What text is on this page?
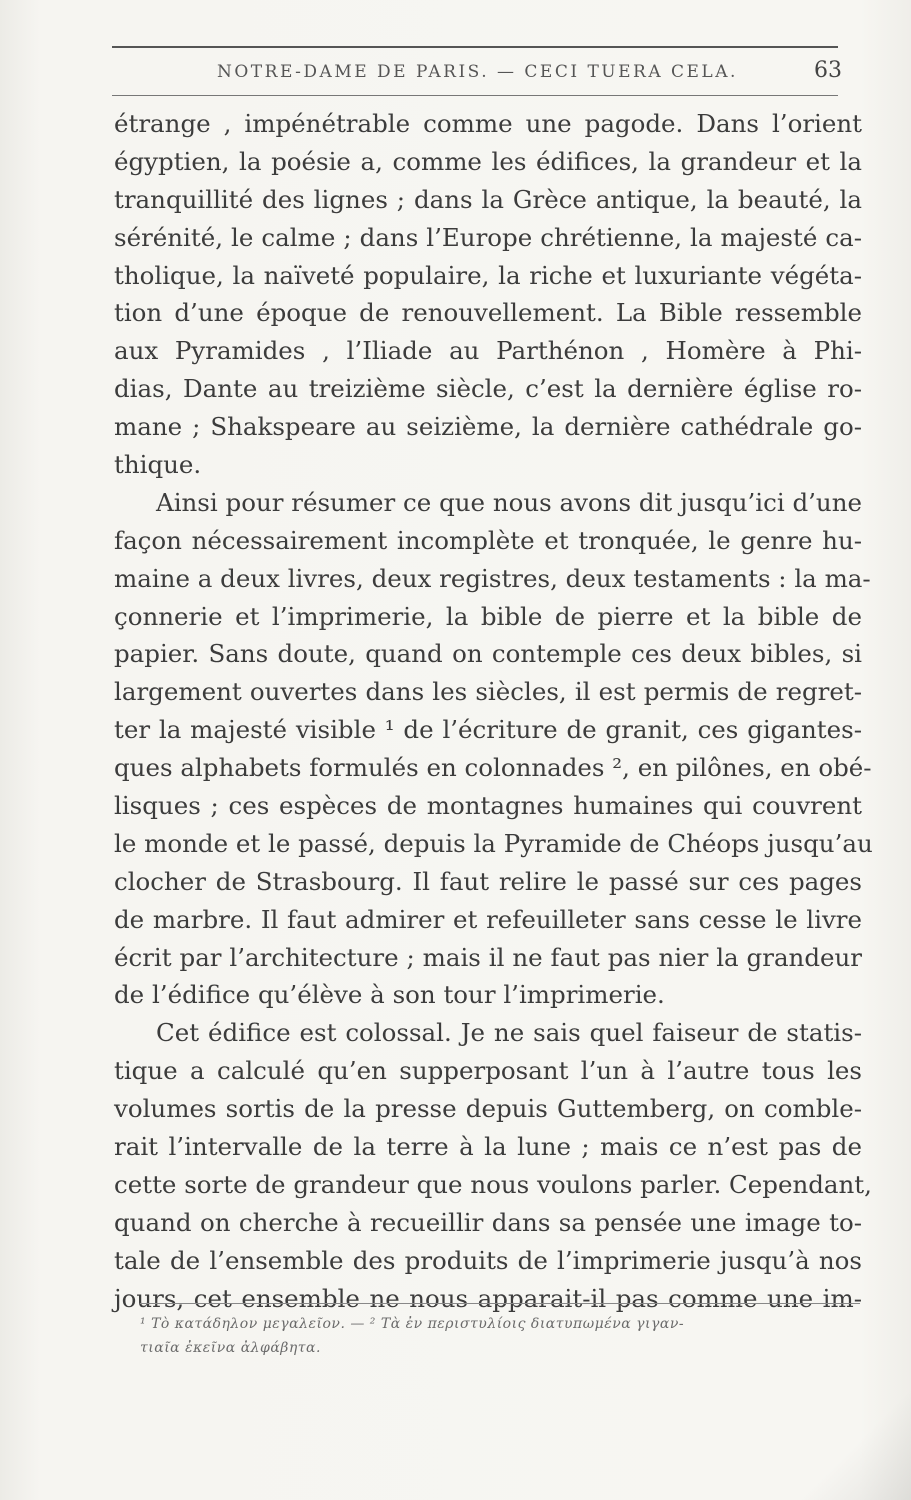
NOTRE-DAME DE PARIS. — CECI TUERA CELA.	63
étrange , impénétrable comme une pagode. Dans l’orient
égyptien, la poésie a, comme les édifices, la grandeur et la
tranquillité des lignes ; dans la Grèce antique, la beauté, la
sérénité, le calme ; dans l’Europe chrétienne, la majesté ca-
tholique, la naïveté populaire, la riche et luxuriante végéta-
tion d’une époque de renouvellement. La Bible ressemble
aux Pyramides , l’Iliade au Parthénon , Homère à Phi-
dias, Dante au treizième siècle, c’est la dernière église ro-
mane ; Shakspeare au seizième, la dernière cathédrale go-
thique.
Ainsi pour résumer ce que nous avons dit jusqu’ici d’une
façon nécessairement incomplète et tronquée, le genre hu-
maine a deux livres, deux registres, deux testaments : la ma-
çonnerie et l’imprimerie, la bible de pierre et la bible de
papier. Sans doute, quand on contemple ces deux bibles, si
largement ouvertes dans les siècles, il est permis de regret-
ter la majesté visible ¹ de l’écriture de granit, ces gigantes-
ques alphabets formulés en colonnades ², en pilônes, en obé-
lisques ; ces espèces de montagnes humaines qui couvrent
le monde et le passé, depuis la Pyramide de Chéops jusqu’au
clocher de Strasbourg. Il faut relire le passé sur ces pages
de marbre. Il faut admirer et refeuilleter sans cesse le livre
écrit par l’architecture ; mais il ne faut pas nier la grandeur
de l’édifice qu’élève à son tour l’imprimerie.
Cet édifice est colossal. Je ne sais quel faiseur de statis-
tique a calculé qu’en supperposant l’un à l’autre tous les
volumes sortis de la presse depuis Guttemberg, on comble-
rait l’intervalle de la terre à la lune ; mais ce n’est pas de
cette sorte de grandeur que nous voulons parler. Cependant,
quand on cherche à recueillir dans sa pensée une image to-
tale de l’ensemble des produits de l’imprimerie jusqu’à nos
jours, cet ensemble ne nous apparait-il pas comme une im-
¹ Τὸ κατάδηλον μεγαλεῖον. — ² Τὰ ἐν περιστυλίοις διατυπωμένα γιγαν-
τιαῖα ἐκεῖνα ἀλφάβητα.
